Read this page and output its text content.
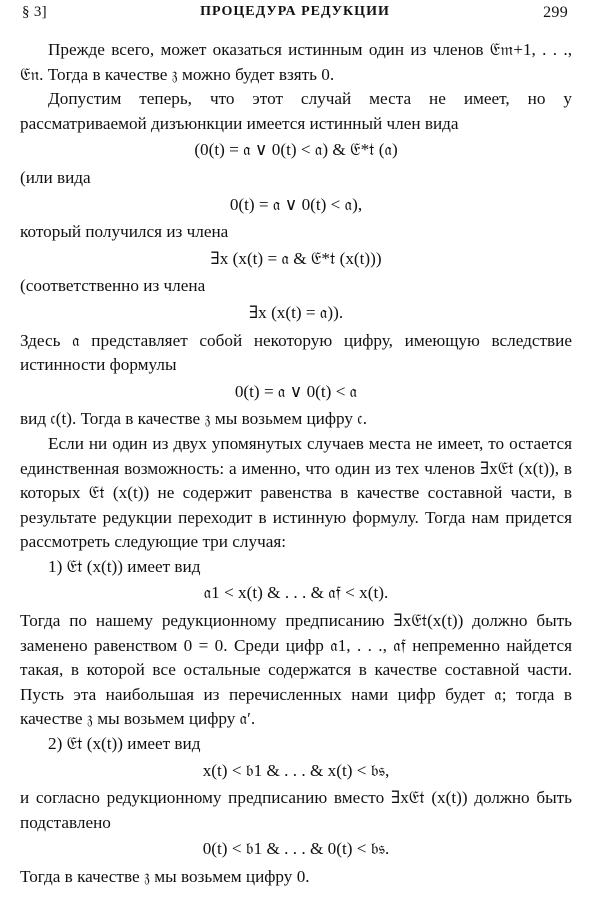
§ 3]	ПРОЦЕДУРА РЕДУКЦИИ	299

Прежде всего, может оказаться истинным один из членов 𝔈𝔪+1, . . ., 𝔈𝔫. Тогда в качестве 𝔷 можно будет взять 0.

Допустим теперь, что этот случай места не имеет, но у рассматриваемой дизъюнкции имеется истинный член вида

(0(t) = 𝔞 ∨ 0(t) < 𝔞) & 𝔈*𝔱 (𝔞)

(или вида

0(t) = 𝔞 ∨ 0(t) < 𝔞),

который получился из члена

∃x (x(t) = 𝔞 & 𝔈*𝔱 (x(t)))

(соответственно из члена

∃x (x(t) = 𝔞)).

Здесь 𝔞 представляет собой некоторую цифру, имеющую вследствие истинности формулы

0(t) = 𝔞 ∨ 0(t) < 𝔞

вид 𝔠(t). Тогда в качестве 𝔷 мы возьмем цифру 𝔠.

Если ни один из двух упомянутых случаев места не имеет, то остается единственная возможность: а именно, что один из тех членов ∃x𝔈𝔱 (x(t)), в которых 𝔈𝔱 (x(t)) не содержит равенства в качестве составной части, в результате редукции переходит в истинную формулу. Тогда нам придется рассмотреть следующие три случая:

1) 𝔈𝔱 (x(t)) имеет вид

𝔞1 < x(t) & . . . & 𝔞𝔣 < x(t).

Тогда по нашему редукционному предписанию ∃x𝔈𝔱(x(t)) должно быть заменено равенством 0 = 0. Среди цифр 𝔞1, . . ., 𝔞𝔣 непременно найдется такая, в которой все остальные содержатся в качестве составной части. Пусть эта наибольшая из перечисленных нами цифр будет 𝔞; тогда в качестве 𝔷 мы возьмем цифру 𝔞′.

2) 𝔈𝔱 (x(t)) имеет вид

x(t) < 𝔟1 & . . . & x(t) < 𝔟𝔰,

и согласно редукционному предписанию вместо ∃x𝔈𝔱 (x(t)) должно быть подставлено

0(t) < 𝔟1 & . . . & 0(t) < 𝔟𝔰.

Тогда в качестве 𝔷 мы возьмем цифру 0.
